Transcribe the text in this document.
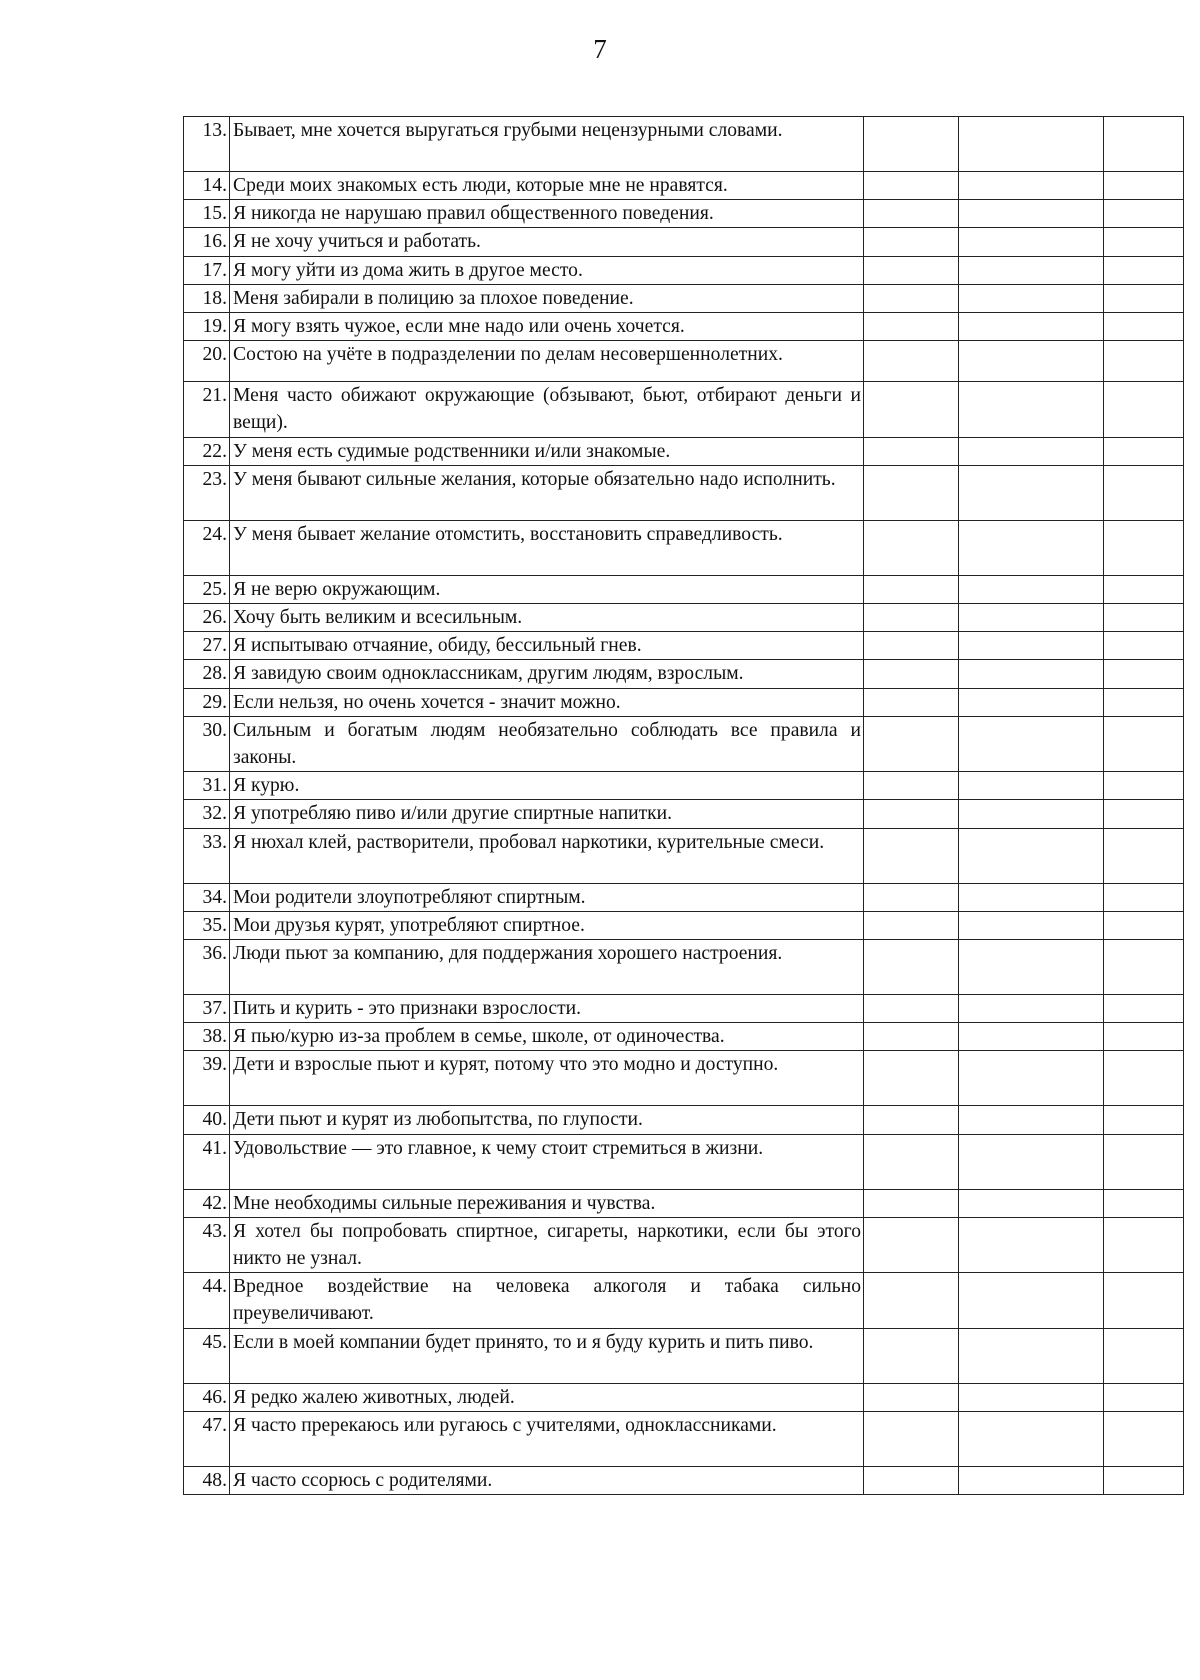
7
13.	Бывает, мне хочется выругаться грубыми нецензурными словами.			
14.	Среди моих знакомых есть люди, которые мне не нравятся.			
15.	Я никогда не нарушаю правил общественного поведения.			
16.	Я не хочу учиться и работать.			
17.	Я могу уйти из дома жить в другое место.			
18.	Меня забирали в полицию за плохое поведение.			
19.	Я могу взять чужое, если мне надо или очень хочется.			
20.	Состою на учёте в подразделении по делам несовершеннолетних.			

21.	Меня часто обижают окружающие (обзывают, бьют, отбирают деньги и вещи).			
22.	У меня есть судимые родственники и/или знакомые.			
23.	У меня бывают сильные желания, которые обязательно надо исполнить.			
24.	У меня бывает желание отомстить, восстановить справедливость.			
25.	Я не верю окружающим.			
26.	Хочу быть великим и всесильным.			
27.	Я испытываю отчаяние, обиду, бессильный гнев.			
28.	Я завидую своим одноклассникам, другим людям, взрослым.			
29.	Если нельзя, но очень хочется - значит можно.			
30.	Сильным и богатым людям необязательно соблюдать все правила и законы.			
31.	Я курю.			
32.	Я употребляю пиво и/или другие спиртные напитки.			
33.	Я нюхал клей, растворители, пробовал наркотики, курительные смеси.			
34.	Мои родители злоупотребляют спиртным.			
35.	Мои друзья курят, употребляют спиртное.			
36.	Люди пьют за компанию, для поддержания хорошего настроения.			
37.	Пить и курить - это признаки взрослости.			
38.	Я пью/курю из-за проблем в семье, школе, от одиночества.			
39.	Дети и взрослые пьют и курят, потому что это модно и доступно.			
40.	Дети пьют и курят из любопытства, по глупости.			
41.	Удовольствие — это главное, к чему стоит стремиться в жизни.			
42.	Мне необходимы сильные переживания и чувства.			
43.	Я хотел бы попробовать спиртное, сигареты, наркотики, если бы этого никто не узнал.			
44.	Вредное воздействие на человека алкоголя и табака сильно преувеличивают.			
45.	Если в моей компании будет принято, то и я буду курить и пить пиво.			
46.	Я редко жалею животных, людей.			
47.	Я часто пререкаюсь или ругаюсь с учителями, одноклассниками.			
48.	Я часто ссорюсь с родителями.			
